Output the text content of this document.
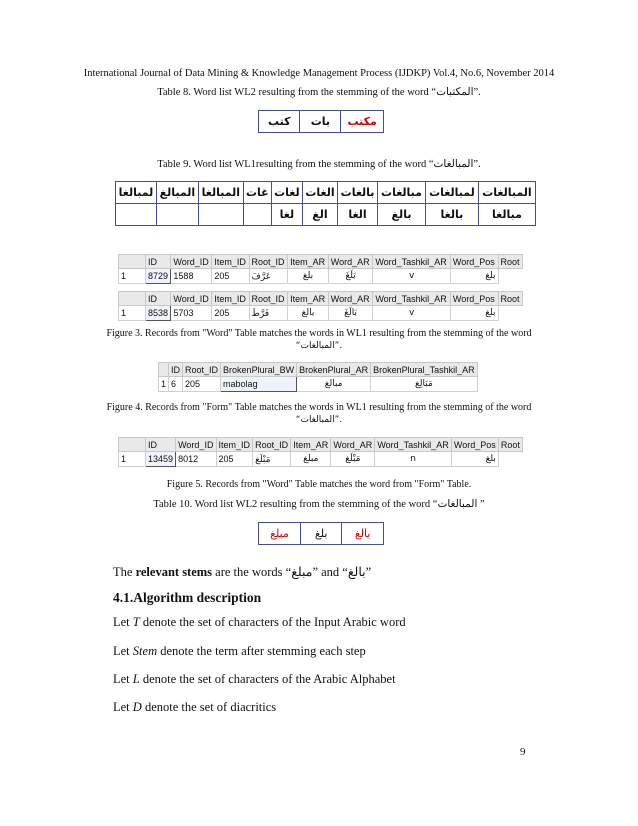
International Journal of Data Mining & Knowledge Management Process (IJDKP) Vol.4, No.6, November 2014
Table 8. Word list WL2 resulting from the stemming of the word “المكتبات”.
كتب	بات	مكتب
Table 9. Word list WL1resulting from the stemming of the word “المبالغات”.
لمبالغا	المبالغ	المبالغا	غات	لغات	الغات	بالغات	مبالغات	لمبالغات	المبالغات
				لغا	الغ	الغا	بالغ	بالغا	مبالغا
	ID	Word_ID	Item_ID	Root_ID	Item_AR	Word_AR	Word_Tashkil_AR	Word_Pos	Root
1	8729	1588	205	عَرَّفَ	بلغ	بَلَغَ	v	بلغ	
	ID	Word_ID	Item_ID	Root_ID	Item_AR	Word_AR	Word_Tashkil_AR	Word_Pos	Root
1	8538	5703	205	فَرَّطَ	بالغ	بَالَغَ	v	بلغ	
Figure 3. Records from "Word" Table matches the words in WL1 resulting from the stemming of the word
“المبالغات”.
	ID	Root_ID	BrokenPlural_BW	BrokenPlural_AR	BrokenPlural_Tashkil_AR
1	6	205	mabolag	مبالغ	مَبَالِغ
Figure 4. Records from "Form" Table matches the words in WL1 resulting from the stemming of the word
“المبالغات”.
	ID	Word_ID	Item_ID	Root_ID	Item_AR	Word_AR	Word_Tashkil_AR	Word_Pos	Root
1	13459	8012	205	مَبْلَغ	مبلغ	مَبْلَغ	n	بلغ	
Figure 5. Records from "Word" Table matches the word from "Form" Table.
Table 10. Word list WL2 resulting from the stemming of the word “المبالغات ”
مبلغ	بلغ	بالغ
The relevant stems are the words “مبلغ” and “بالغ”
4.1.Algorithm description
Let T denote the set of characters of the Input Arabic word
Let Stem denote the term after stemming each step
Let L denote the set of characters of the Arabic Alphabet
Let D denote the set of diacritics
9
